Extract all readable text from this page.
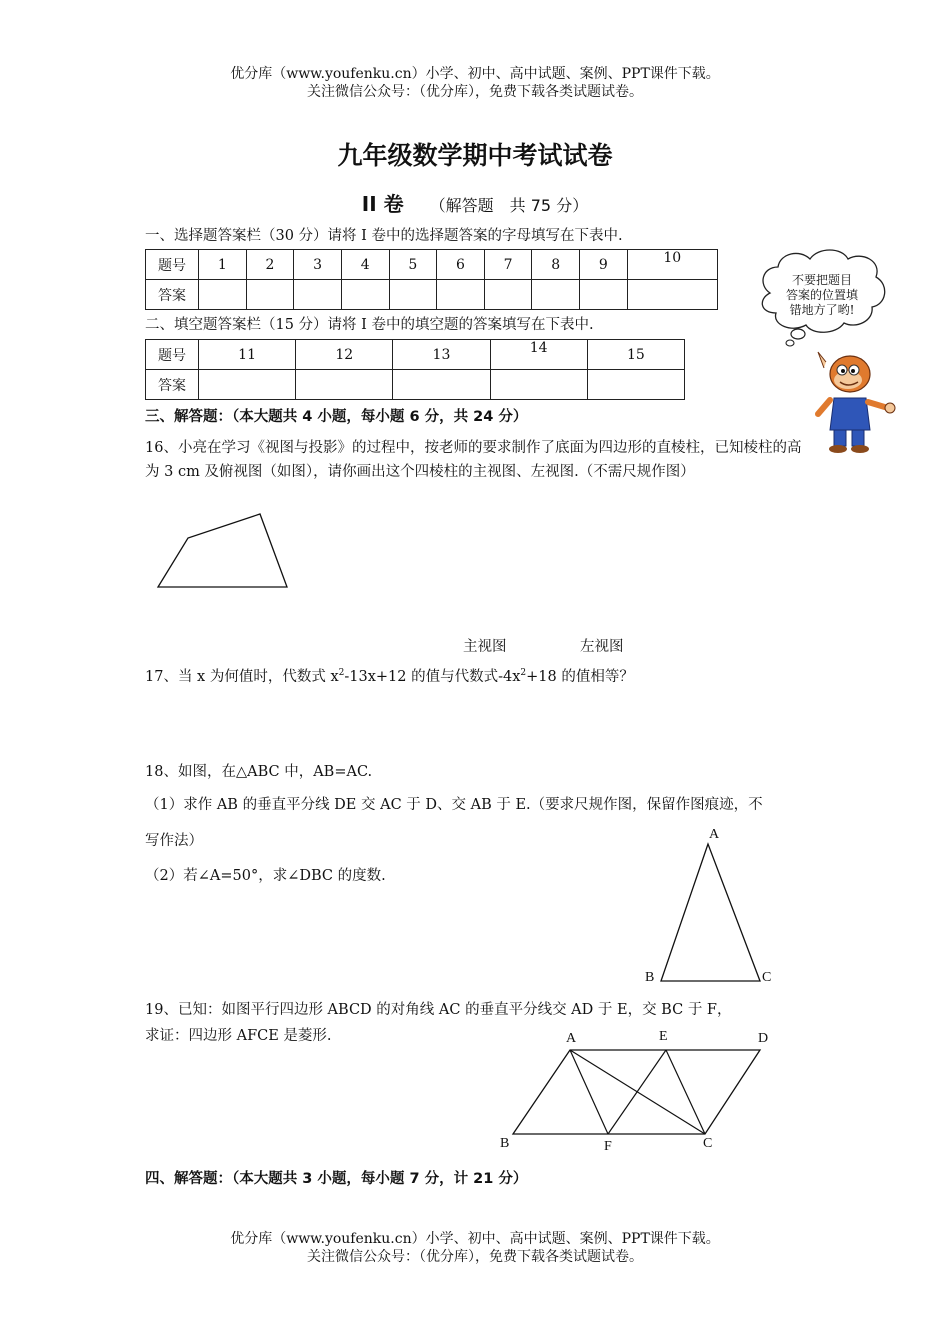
优分库（www.youfenku.cn）小学、初中、高中试题、案例、PPT课件下载。
关注微信公众号：（优分库），免费下载各类试题试卷。
九年级数学期中考试试卷
II 卷 （解答题　共 75 分）
一、选择题答案栏（30 分）请将 I 卷中的选择题答案的字母填写在下表中.
题号	1	2	3	4	5	6	7	8	9	10
答案										
二、填空题答案栏（15 分）请将 I 卷中的填空题的答案填写在下表中.
题号	11	12	13	14	15
答案					
不要把题目
答案的位置填
错地方了哟!
三、解答题：（本大题共 4 小题，每小题 6 分，共 24 分）
16、小亮在学习《视图与投影》的过程中，按老师的要求制作了底面为四边形的直棱柱，已知棱柱的高为 3 cm 及俯视图（如图），请你画出这个四棱柱的主视图、左视图.（不需尺规作图）
主视图	左视图
17、当 x 为何值时，代数式 $x^2-13x+12$ 的值与代数式$-4x^2+18$ 的值相等？
18、如图，在△ABC 中，AB=AC.
（1）求作 AB 的垂直平分线 DE 交 AC 于 D、交 AB 于 E.（要求尺规作图，保留作图痕迹，不
写作法）
（2）若∠A=50°，求∠DBC 的度数.
A
B	C
19、已知：如图平行四边形 ABCD 的对角线 AC 的垂直平分线交 AD 于 E，交 BC 于 F，
求证：四边形 AFCE 是菱形.	A	E	D
B	F	C
四、解答题：（本大题共 3 小题，每小题 7 分，计 21 分）
优分库（www.youfenku.cn）小学、初中、高中试题、案例、PPT课件下载。
关注微信公众号：（优分库），免费下载各类试题试卷。
